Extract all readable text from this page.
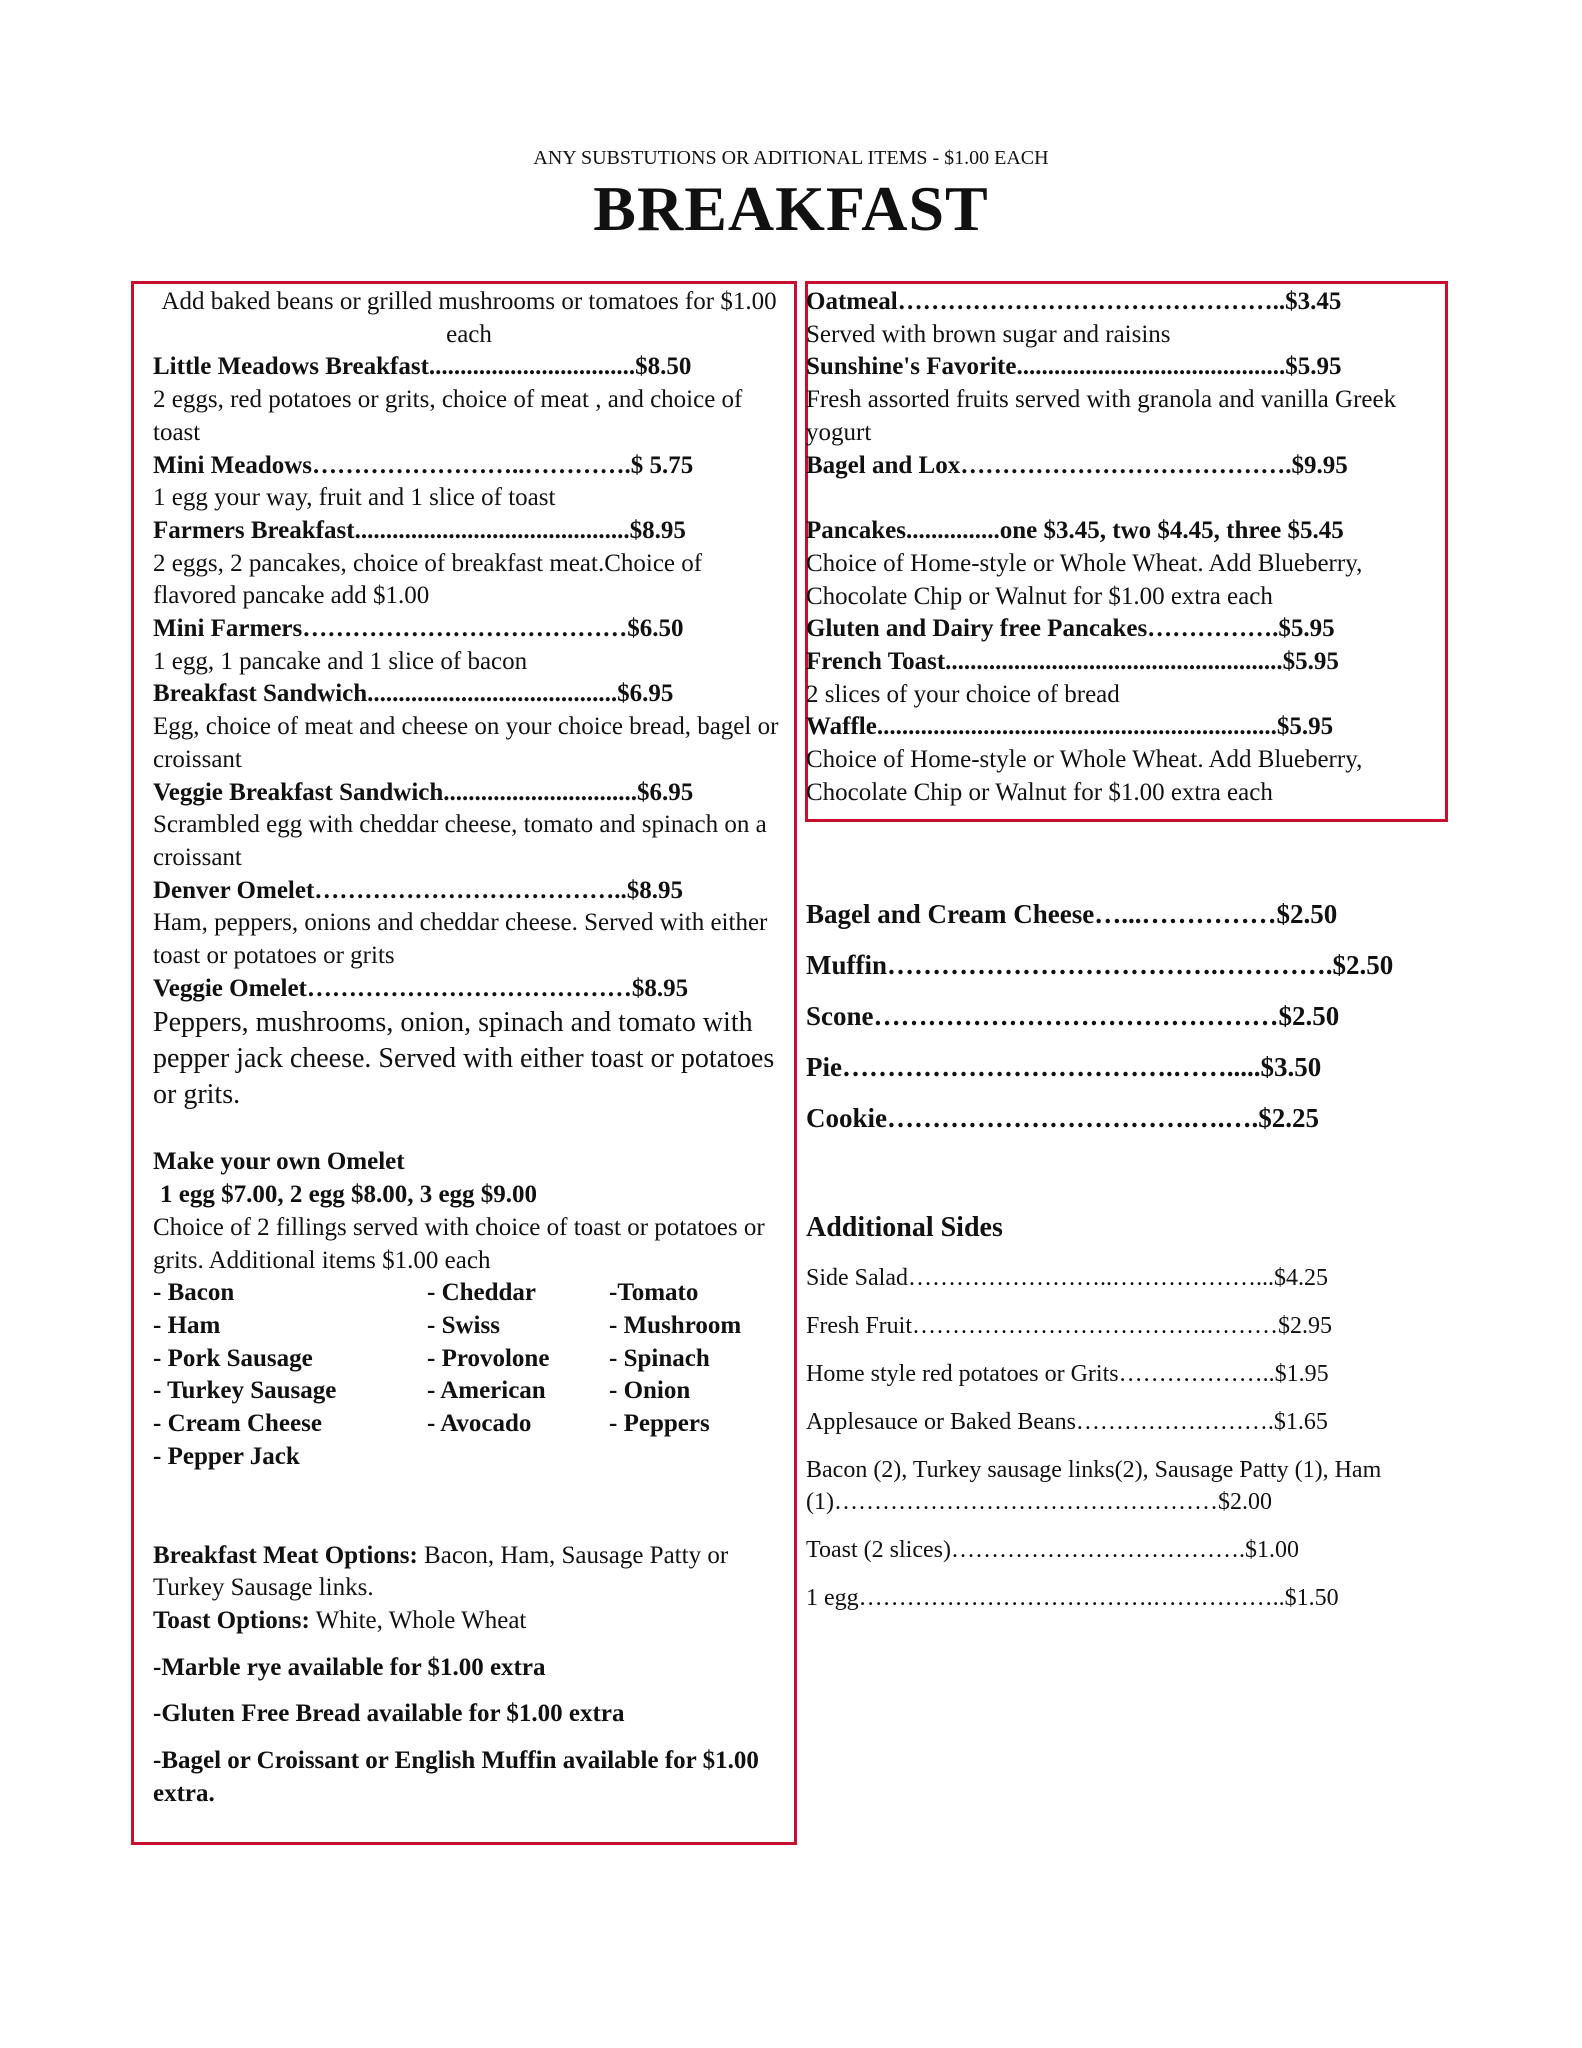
ANY SUBSTUTIONS OR ADITIONAL ITEMS - $1.00 EACH
BREAKFAST
Add baked beans or grilled mushrooms or tomatoes for $1.00 each
Little Meadows Breakfast.................................$8.50
2 eggs, red potatoes or grits, choice of meat , and choice of toast
Mini Meadows……………………..………….$ 5.75
1 egg your way, fruit and 1 slice of toast
Farmers Breakfast............................................$8.95
2 eggs, 2 pancakes, choice of breakfast meat.Choice of flavored pancake add $1.00
Mini Farmers…………………………………$6.50
1 egg, 1 pancake and 1 slice of bacon
Breakfast Sandwich........................................$6.95
Egg, choice of meat and cheese on your choice bread, bagel or croissant
Veggie Breakfast Sandwich...............................$6.95
Scrambled egg with cheddar cheese, tomato and spinach on a croissant
Denver Omelet………………………………..$8.95
Ham, peppers, onions and cheddar cheese. Served with either toast or potatoes or grits
Veggie Omelet…………………………………$8.95
Peppers, mushrooms, onion, spinach and tomato with pepper jack cheese. Served with either toast or potatoes or grits.
Make your own Omelet
1 egg $7.00, 2 egg $8.00, 3 egg $9.00
Choice of 2 fillings served with choice of toast or potatoes or grits. Additional items $1.00 each
- Bacon	- Cheddar	-Tomato
- Ham	- Swiss	- Mushroom
- Pork Sausage	- Provolone	- Spinach
- Turkey Sausage	- American	- Onion
- Cream Cheese	- Avocado	- Peppers
- Pepper Jack
Breakfast Meat Options: Bacon, Ham, Sausage Patty or Turkey Sausage links.
Toast Options: White, Whole Wheat
-Marble rye available for $1.00 extra
-Gluten Free Bread available for $1.00 extra
-Bagel or Croissant or English Muffin available for $1.00 extra.
Oatmeal………………………………………..$3.45
Served with brown sugar and raisins
Sunshine's Favorite...........................................$5.95
Fresh assorted fruits served with granola and vanilla Greek yogurt
Bagel and Lox………………………………….$9.95
Pancakes...............one $3.45, two $4.45, three $5.45
Choice of Home-style or Whole Wheat. Add Blueberry, Chocolate Chip or Walnut for $1.00 extra each
Gluten and Dairy free Pancakes…………….$5.95
French Toast......................................................$5.95
2 slices of your choice of bread
Waffle................................................................$5.95
Choice of Home-style or Whole Wheat. Add Blueberry, Chocolate Chip or Walnut for $1.00 extra each
Bagel and Cream Cheese…...……………$2.50
Muffin……………………………….………….$2.50
Scone………………………………………$2.50
Pie……………………………….…….....$3.50
Cookie…………………………….….….$2.25
Additional Sides
Side Salad……………………..………………...$4.25
Fresh Fruit……………………………….………$2.95
Home style red potatoes or Grits………………..$1.95
Applesauce or Baked Beans…………………….$1.65
Bacon (2), Turkey sausage links(2), Sausage Patty (1), Ham (1)…………………………………………$2.00
Toast (2 slices)……………………………….$1.00
1 egg……………………………….……………..$1.50
